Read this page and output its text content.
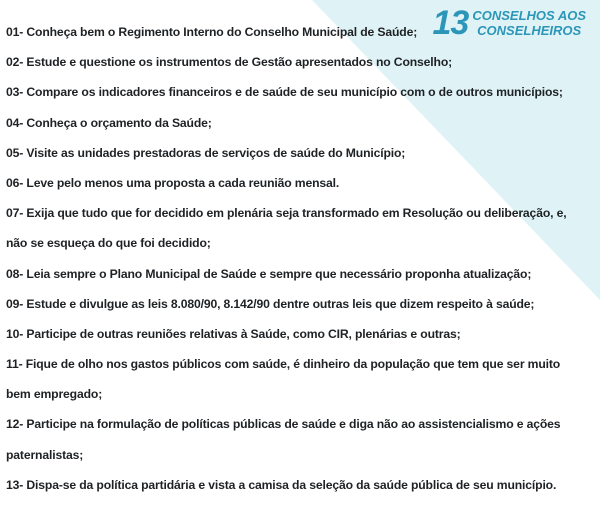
13 CONSELHOS AOS
CONSELHEIROS
01- Conheça bem o Regimento Interno do Conselho Municipal de Saúde;
02- Estude e questione os instrumentos de Gestão apresentados no Conselho;
03- Compare os indicadores financeiros e de saúde de seu município com o de outros municípios;
04- Conheça o orçamento da Saúde;
05- Visite as unidades prestadoras de serviços de saúde do Município;
06- Leve pelo menos uma proposta a cada reunião mensal.
07- Exija que tudo que for decidido em plenária seja transformado em Resolução ou deliberação, e,
não se esqueça do que foi decidido;
08- Leia sempre o Plano Municipal de Saúde e sempre que necessário proponha atualização;
09- Estude e divulgue as leis 8.080/90, 8.142/90 dentre outras leis que dizem respeito à saúde;
10- Participe de outras reuniões relativas à Saúde, como CIR, plenárias e outras;
11- Fique de olho nos gastos públicos com saúde, é dinheiro da população que tem que ser muito
bem empregado;
12- Participe na formulação de políticas públicas de saúde e diga não ao assistencialismo e ações
paternalistas;
13- Dispa-se da política partidária e vista a camisa da seleção da saúde pública de seu município.
